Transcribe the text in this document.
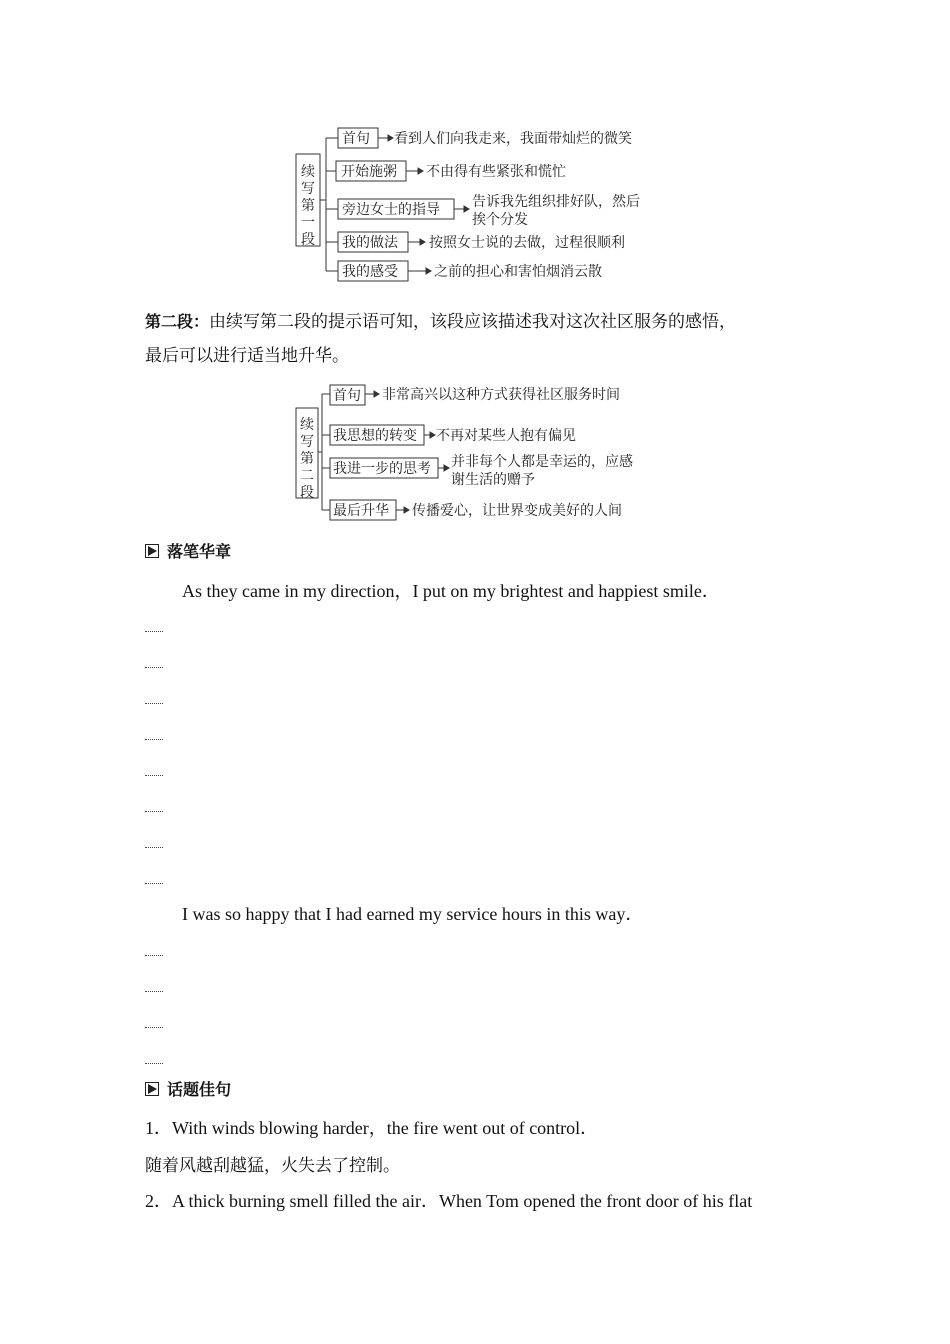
续
写
第
一
段
首句
开始施粥
旁边女士的指导
我的做法
我的感受
看到人们向我走来，我面带灿烂的微笑
不由得有些紧张和慌忙
告诉我先组织排好队，然后
挨个分发
按照女士说的去做，过程很顺利
之前的担心和害怕烟消云散
第二段：由续写第二段的提示语可知，该段应该描述我对这次社区服务的感悟，
最后可以进行适当地升华。
续
写
第
二
段
首句
我思想的转变
我进一步的思考
最后升华
非常高兴以这种方式获得社区服务时间
不再对某些人抱有偏见
并非每个人都是幸运的，应感
谢生活的赠予
传播爱心，让世界变成美好的人间
落笔华章
As they came in my direction，I put on my brightest and happiest smile．
I was so happy that I had earned my service hours in this way．
话题佳句
1．With winds blowing harder，the fire went out of control．
随着风越刮越猛，火失去了控制。
2．A thick burning smell filled the air．When Tom opened the front door of his flat
